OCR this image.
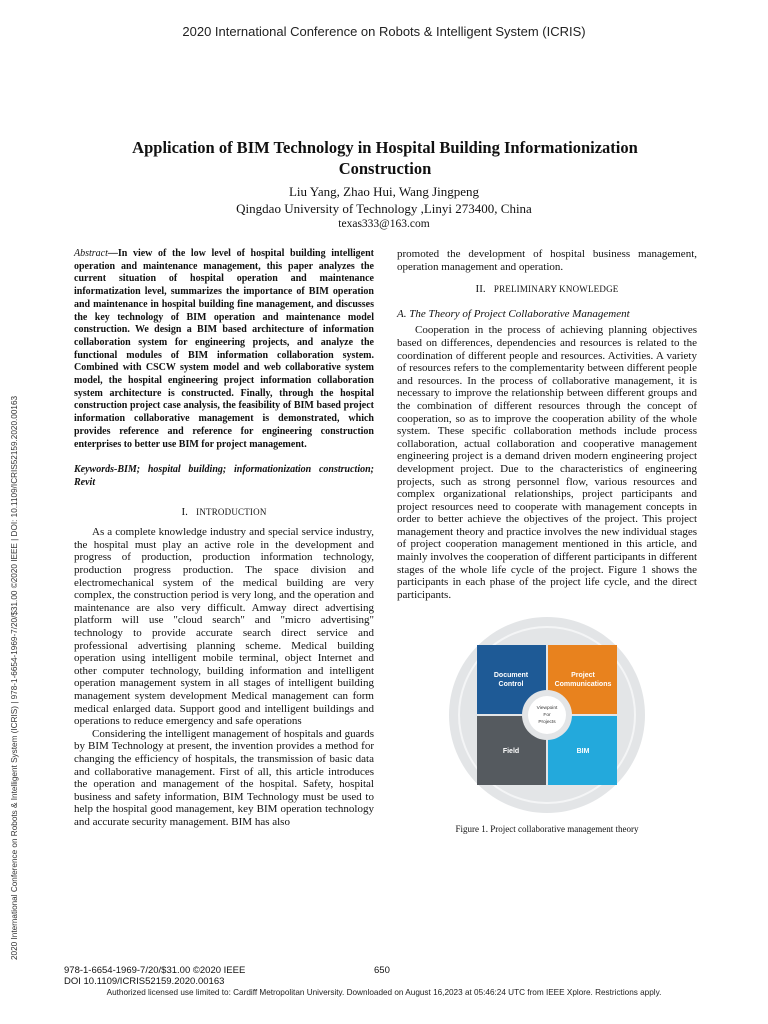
2020 International Conference on Robots & Intelligent System (ICRIS)
2020 International Conference on Robots & Intelligent System (ICRIS) | 978-1-6654-1969-7/20/$31.00 ©2020 IEEE | DOI: 10.1109/ICRIS52159.2020.00163
Application of BIM Technology in Hospital Building Informationization Construction
Liu Yang, Zhao Hui, Wang Jingpeng
Qingdao University of Technology ,Linyi 273400, China
texas333@163.com

Abstract—In view of the low level of hospital building intelligent operation and maintenance management, this paper analyzes the current situation of hospital operation and maintenance informatization level, summarizes the importance of BIM operation and maintenance in hospital building fine management, and discusses the key technology of BIM operation and maintenance model construction. We design a BIM based architecture of information collaboration system for engineering projects, and analyze the functional modules of BIM information collaboration system. Combined with CSCW system model and web collaborative system model, the hospital engineering project information collaboration system architecture is constructed. Finally, through the hospital construction project case analysis, the feasibility of BIM based project information collaborative management is demonstrated, which provides reference and reference for engineering construction enterprises to better use BIM for project management.

Keywords-BIM; hospital building; informationization construction; Revit

I. INTRODUCTION

As a complete knowledge industry and special service industry, the hospital must play an active role in the development and progress of production, production information technology, production progress production. The space division and electromechanical system of the medical building are very complex, the construction period is very long, and the operation and maintenance are also very difficult. Amway direct advertising platform will use "cloud search" and "micro advertising" technology to provide accurate search direct service and professional advertising planning scheme. Medical building operation using intelligent mobile terminal, object Internet and other computer technology, building information and intelligent operation management system in all stages of intelligent building management system development Medical management can form medical enlarged data. Support good and intelligent buildings and operations to reduce emergency and safe operations

Considering the intelligent management of hospitals and guards by BIM Technology at present, the invention provides a method for changing the efficiency of hospitals, the transmission of basic data and collaborative management. First of all, this article introduces the operation and management of the hospital. Safety, hospital business and safety information, BIM Technology must be used to help the hospital good management, key BIM operation technology and accurate security management. BIM has also

promoted the development of hospital business management, operation management and operation.

II. PRELIMINARY KNOWLEDGE

A. The Theory of Project Collaborative Management

Cooperation in the process of achieving planning objectives based on differences, dependencies and resources is related to the coordination of different people and resources. Activities. A variety of resources refers to the complementarity between different people and resources. In the process of collaborative management, it is necessary to improve the relationship between different groups and the combination of different resources through the concept of cooperation, so as to improve the cooperation ability of the whole system. These specific collaboration methods include process collaboration, actual collaboration and cooperative management engineering project is a demand driven modern engineering project development project. Due to the characteristics of engineering projects, such as strong personnel flow, various resources and complex organizational relationships, project participants and project resources need to cooperate with management concepts in order to better achieve the objectives of the project. This project management theory and practice involves the new individual stages of project cooperation management mentioned in this article, and mainly involves the cooperation of different participants in different stages of the whole life cycle of the project. Figure 1 shows the participants in each phase of the project life cycle, and the direct participants.

Document
Control
Project
Communications
Field	BIM
Viewpoint
For
Projects

Figure 1. Project collaborative management theory

978-1-6654-1969-7/20/$31.00 ©2020 IEEE
DOI 10.1109/ICRIS52159.2020.00163
650
Authorized licensed use limited to: Cardiff Metropolitan University. Downloaded on August 16,2023 at 05:46:24 UTC from IEEE Xplore. Restrictions apply.
